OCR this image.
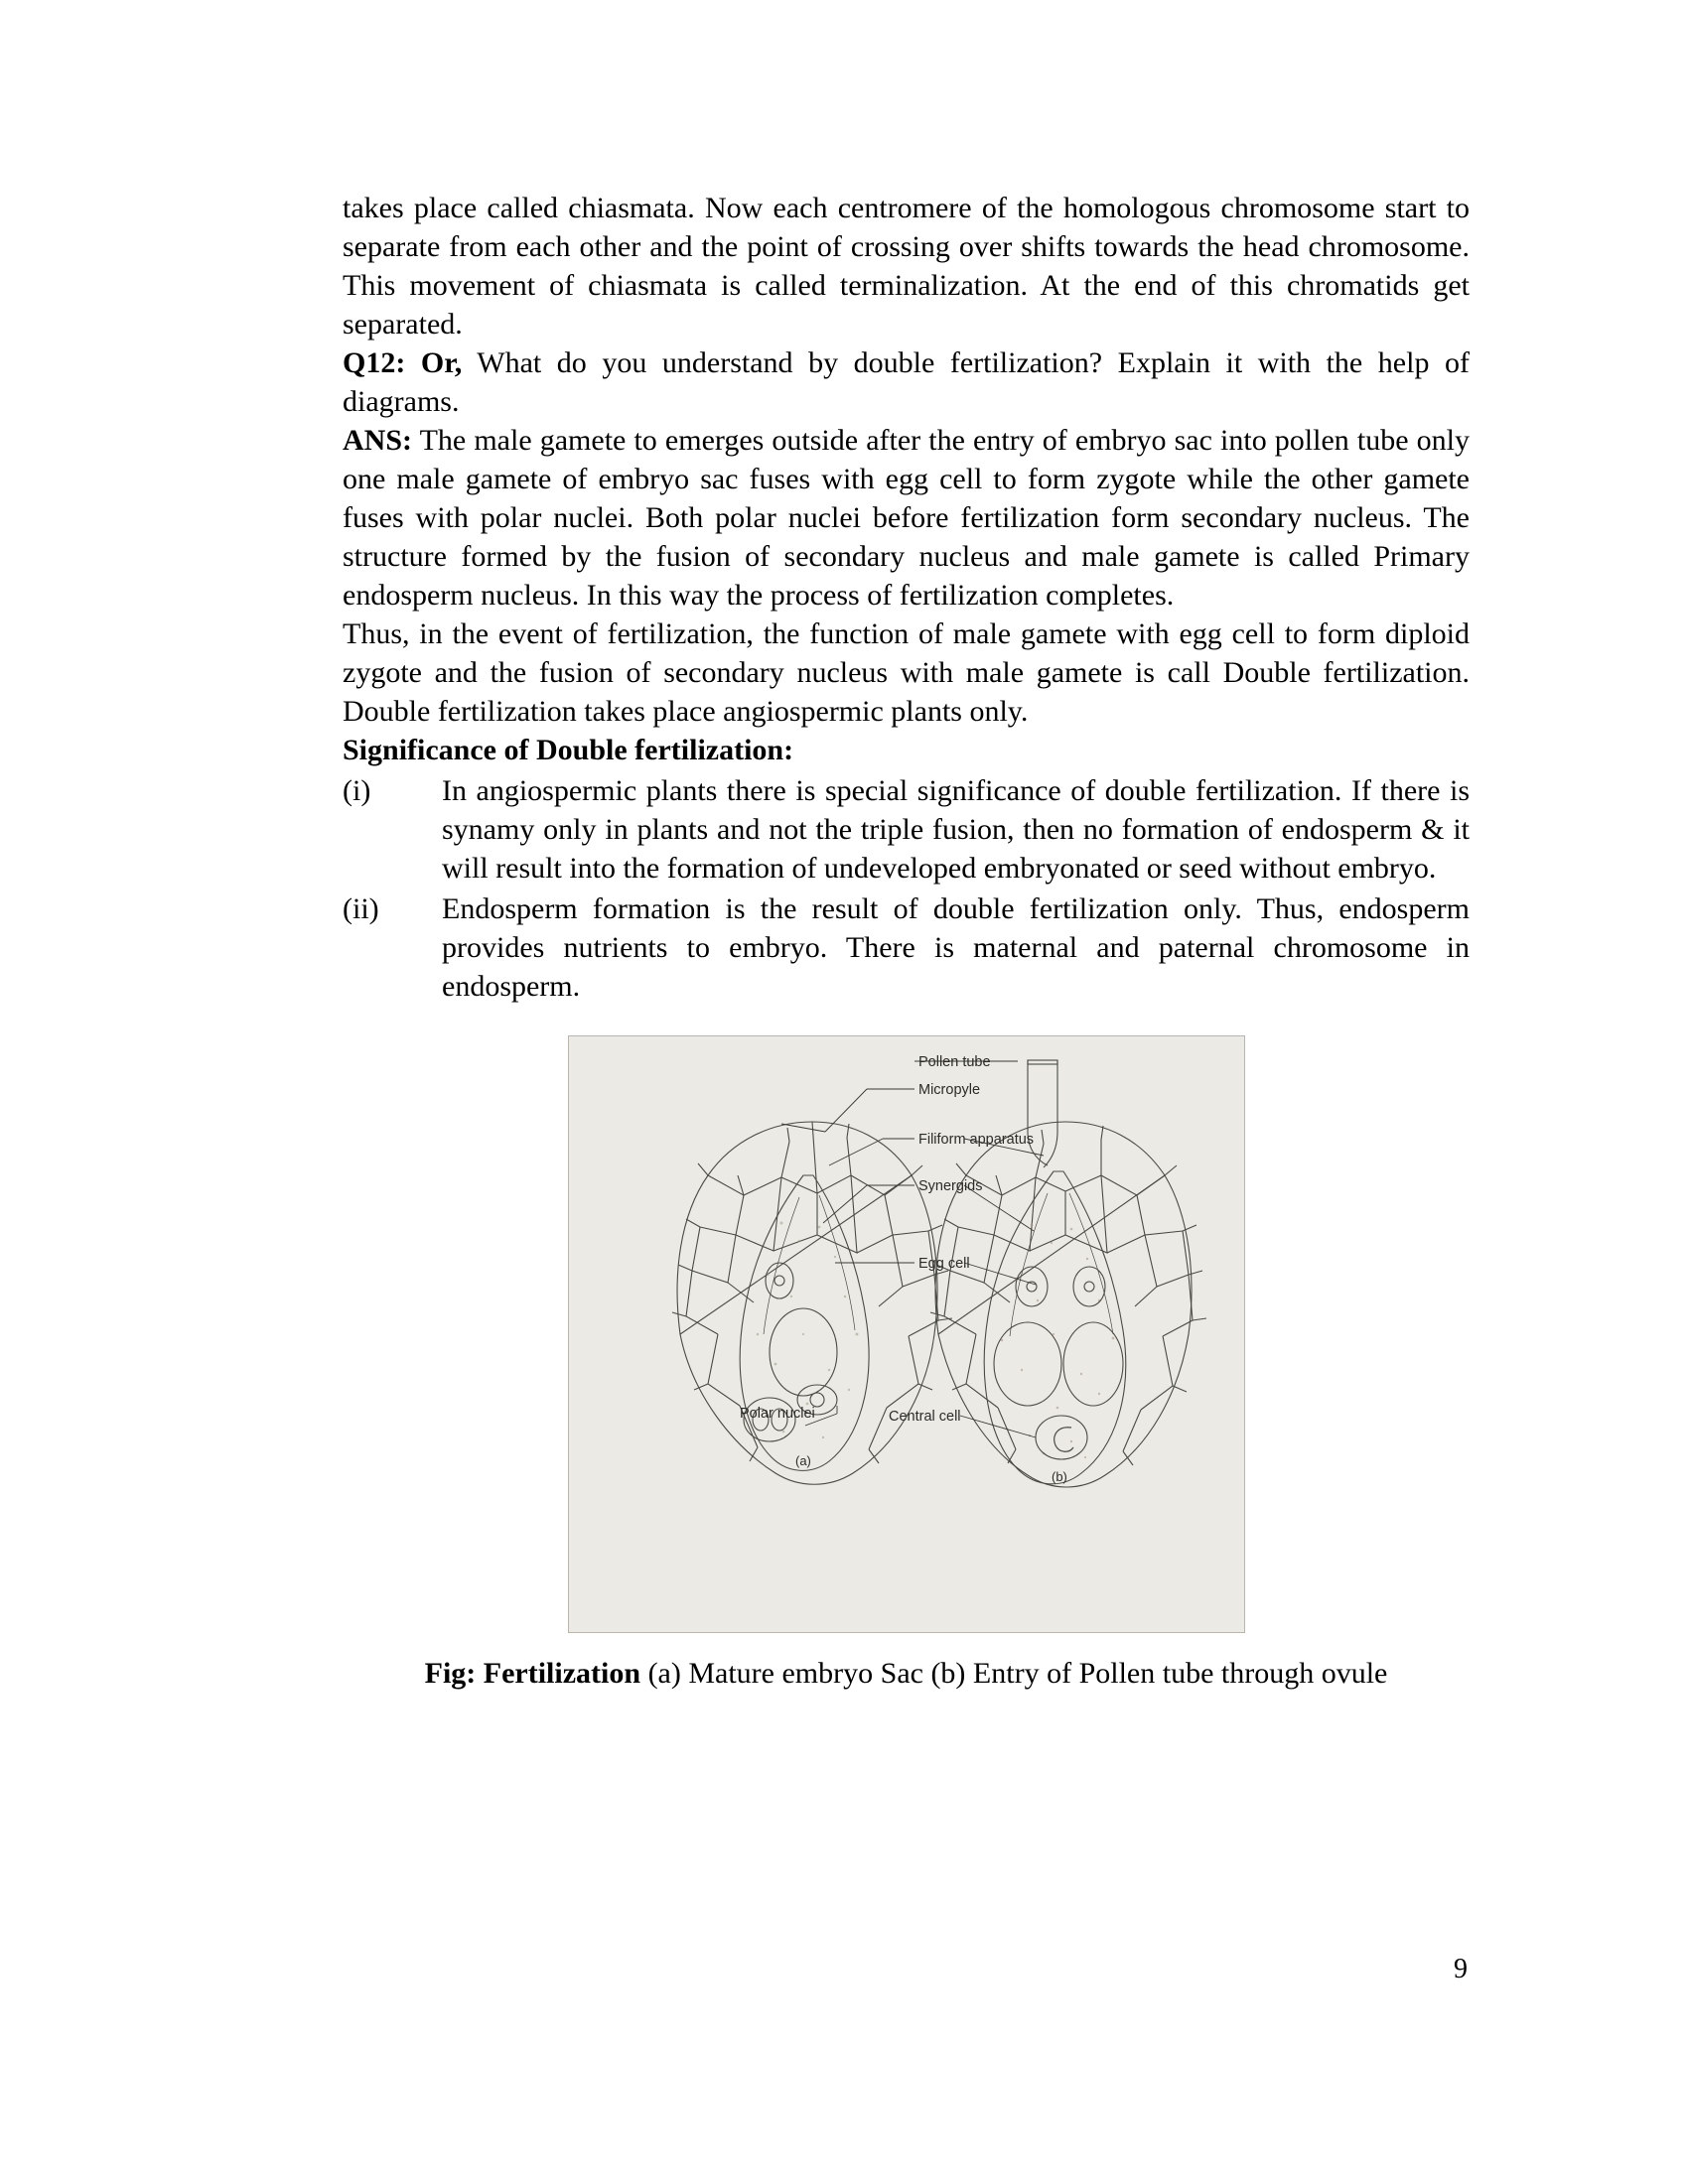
takes place called chiasmata. Now each centromere of the homologous chromosome start to separate from each other and the point of crossing over shifts towards the head chromosome. This movement of chiasmata is called terminalization. At the end of this chromatids get separated.

Q12: Or, What do you understand by double fertilization? Explain it with the help of diagrams.

ANS: The male gamete to emerges outside after the entry of embryo sac into pollen tube only one male gamete of embryo sac fuses with egg cell to form zygote while the other gamete fuses with polar nuclei. Both polar nuclei before fertilization form secondary nucleus. The structure formed by the fusion of secondary nucleus and male gamete is called Primary endosperm nucleus. In this way the process of fertilization completes.

Thus, in the event of fertilization, the function of male gamete with egg cell to form diploid zygote and the fusion of secondary nucleus with male gamete is call Double fertilization. Double fertilization takes place angiospermic plants only.

Significance of Double fertilization:

(i)	In angiospermic plants there is special significance of double fertilization. If there is synamy only in plants and not the triple fusion, then no formation of endosperm & it will result into the formation of undeveloped embryonated or seed without embryo.
(ii)	Endosperm formation is the result of double fertilization only. Thus, endosperm provides nutrients to embryo. There is maternal and paternal chromosome in endosperm.
Pollen tube
Micropyle
Filiform apparatus
Synergids
Egg cell
Polar nuclei	Central cell
(a)
(b)

Fig: Fertilization (a) Mature embryo Sac (b) Entry of Pollen tube through ovule

9
